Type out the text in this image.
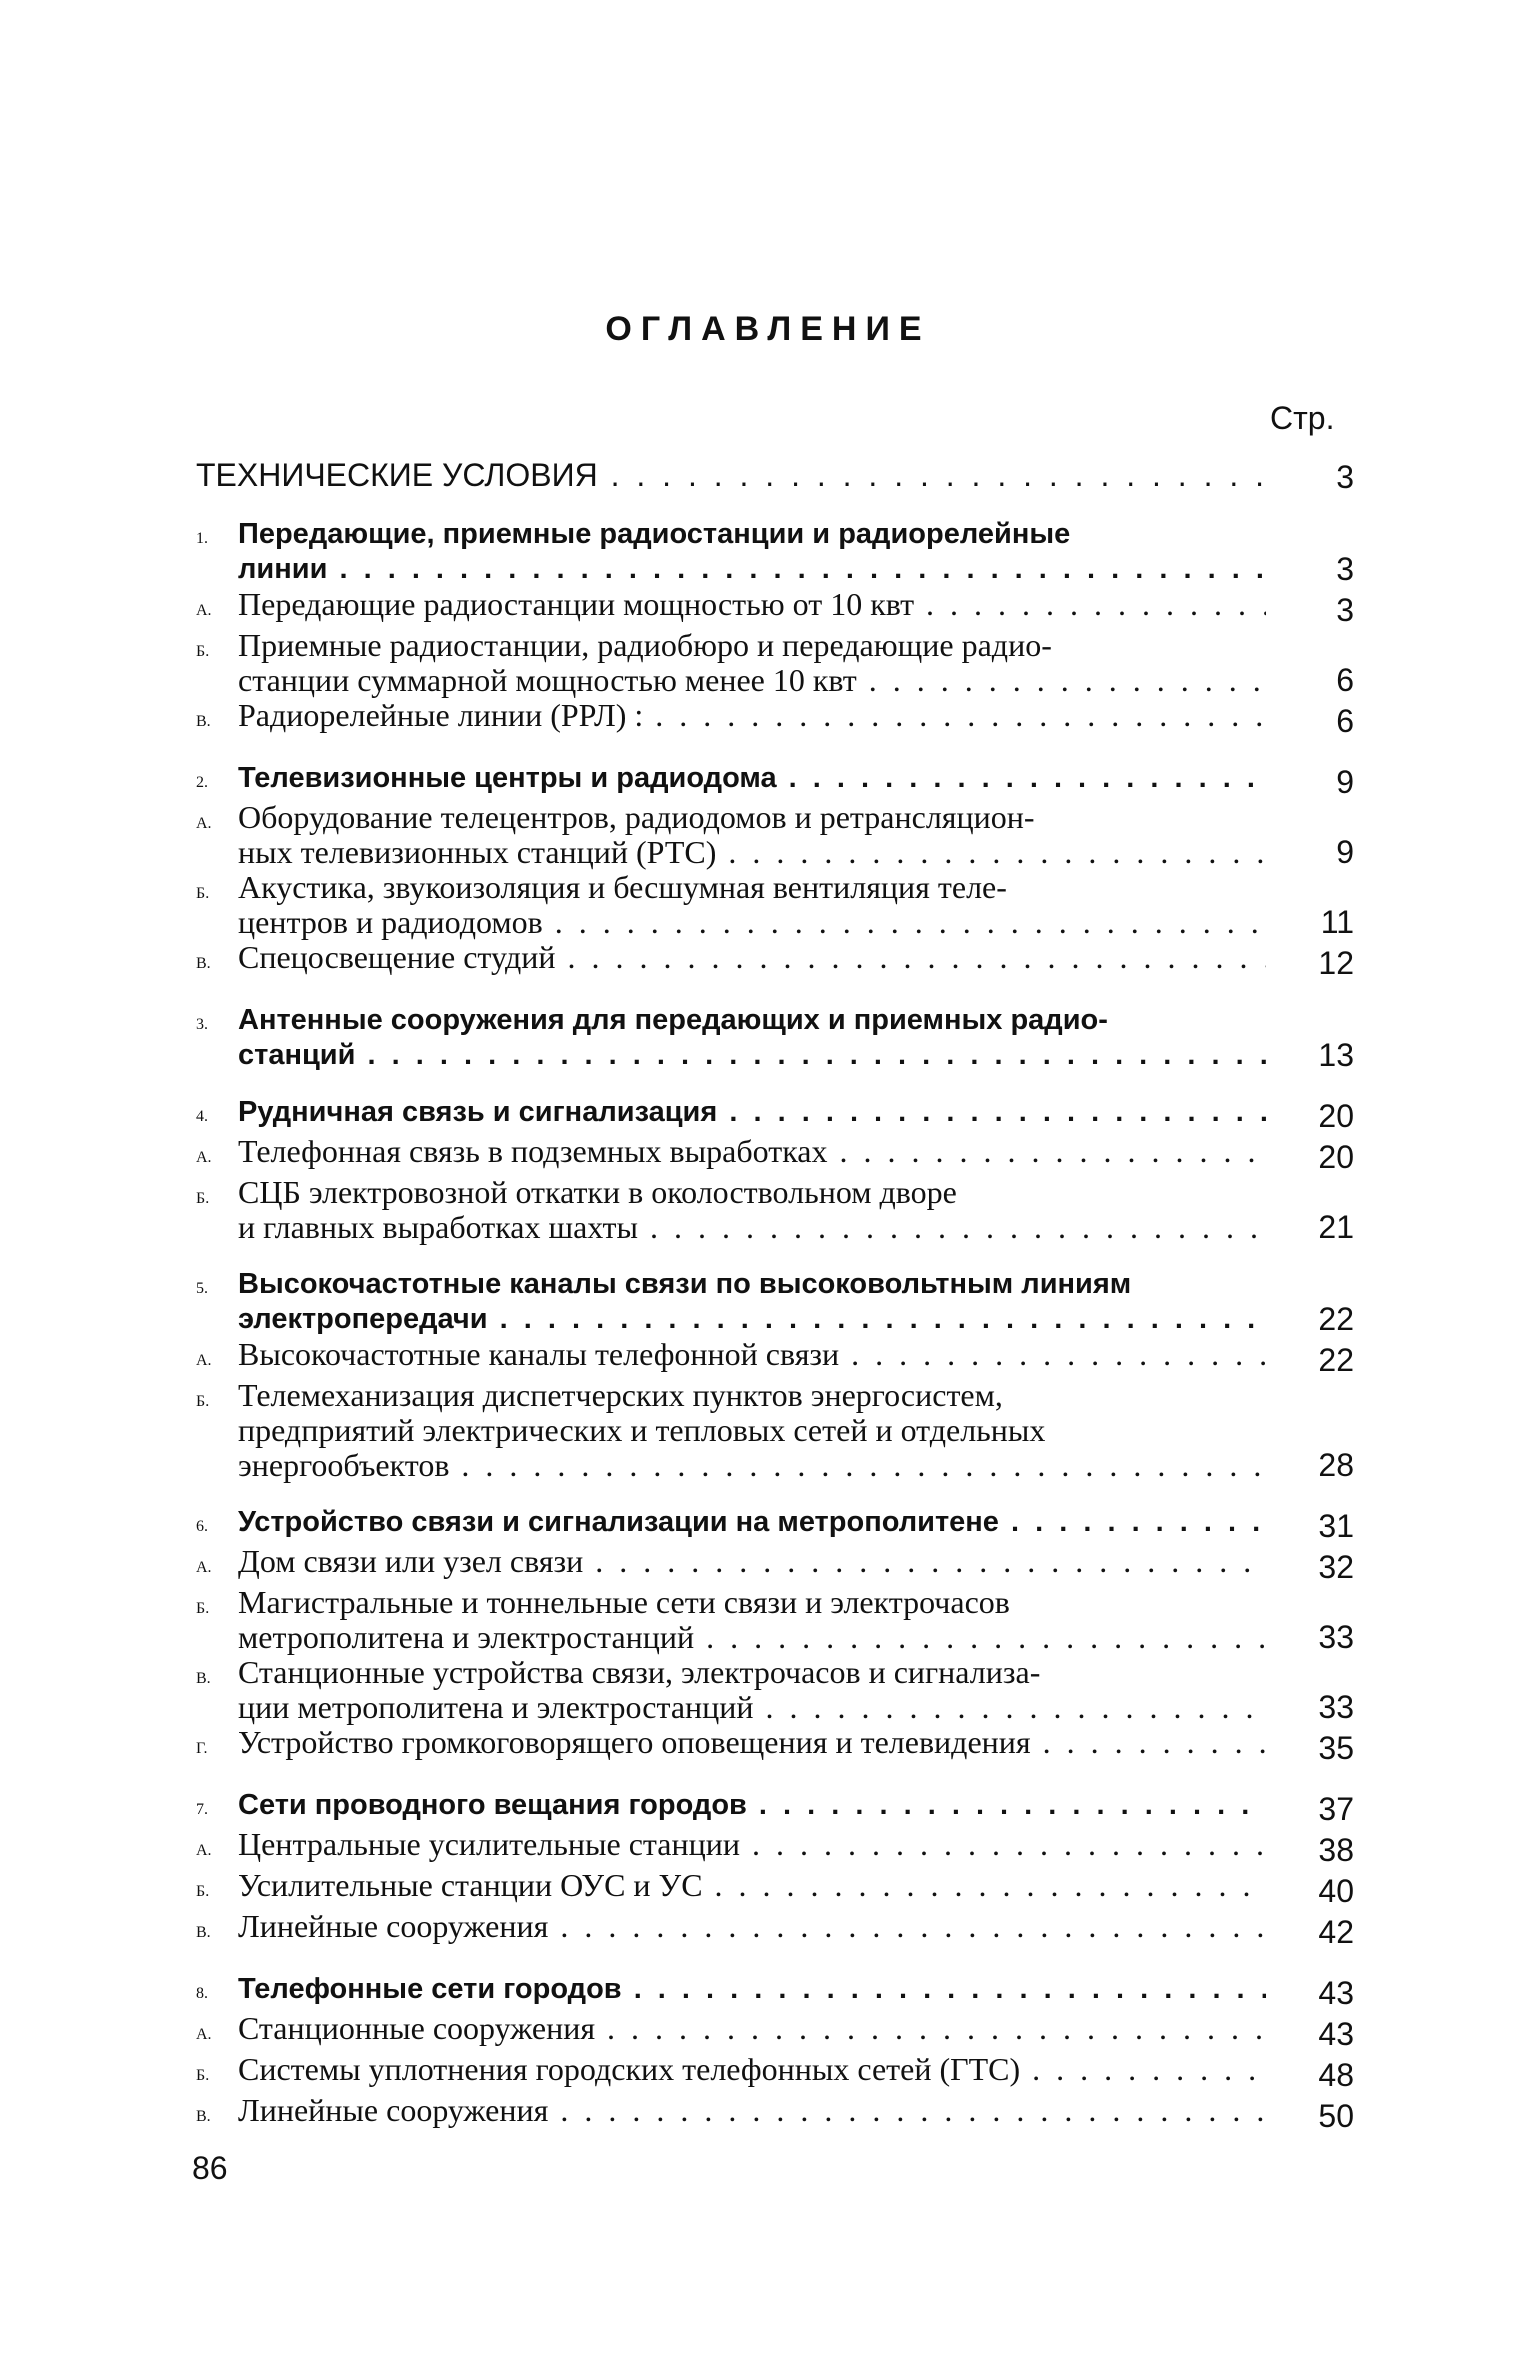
ОГЛАВЛЕНИЕ
Стр.
ТЕХНИЧЕСКИЕ УСЛОВИЯ . . .	3
1.	Передающие, приемные радиостанции и радиорелейные
линии . . .	3
А. Передающие радиостанции мощностью от 10 квт . . .	3
Б. Приемные радиостанции, радиобюро и передающие радио-
станции суммарной мощностью менее 10 квт . . .	6
В. Радиорелейные линии (РРЛ) : . . .	6
2.	Телевизионные центры и радиодома . . .	9
А. Оборудование телецентров, радиодомов и ретрансляцион-
ных телевизионных станций (РТС) . . .	9
Б. Акустика, звукоизоляция и бесшумная вентиляция теле-
центров и радиодомов . . .	11
В. Спецосвещение студий . . .	12
3.	Антенные сооружения для передающих и приемных радио-
станций . . .	13
4.	Рудничная связь и сигнализация . . .	20
А. Телефонная связь в подземных выработках . . .	20
Б. СЦБ электровозной откатки в околоствольном дворе
и главных выработках шахты . . .	21
5.	Высокочастотные каналы связи по высоковольтным линиям
электропередачи . . .	22
А. Высокочастотные каналы телефонной связи . . .	22
Б. Телемеханизация диспетчерских пунктов энергосистем,
предприятий электрических и тепловых сетей и отдельных
энергообъектов . . .	28
6.	Устройство связи и сигнализации на метрополитене . . .	31
А. Дом связи или узел связи . . .	32
Б. Магистральные и тоннельные сети связи и электрочасов
метрополитена и электростанций . . .	33
В. Станционные устройства связи, электрочасов и сигнализа-
ции метрополитена и электростанций . . .	33
Г. Устройство громкоговорящего оповещения и телевидения . . .	35
7.	Сети проводного вещания городов . . .	37
А. Центральные усилительные станции . . .	38
Б. Усилительные станции ОУС и УС . . .	40
В. Линейные сооружения . . .	42
8.	Телефонные сети городов . . .	43
А. Станционные сооружения . . .	43
Б. Системы уплотнения городских телефонных сетей (ГТС) . . .	48
В. Линейные сооружения . . .	50
86
